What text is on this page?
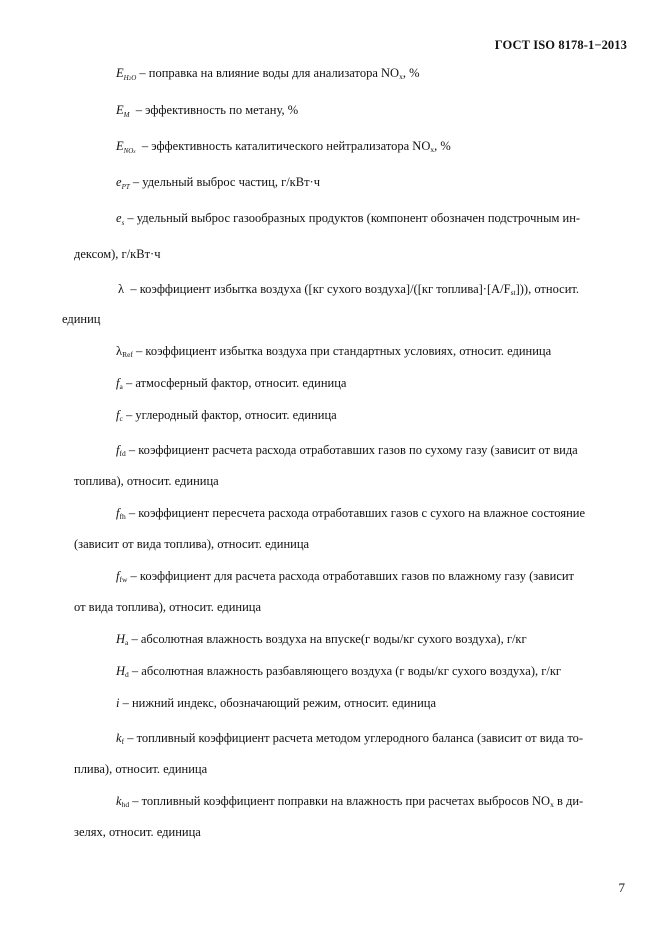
ГОСТ ISO 8178-1−2013
$E_{H2O}$ – поправка на влияние воды для анализатора $NO_x$, %
$E_M$ – эффективность по метану, %
$E_{NOx}$ – эффективность каталитического нейтрализатора $NO_x$, %
$e_{PT}$ – удельный выброс частиц, г/кВт·ч
$e_s$ – удельный выброс газообразных продуктов (компонент обозначен подстрочным ин-
дексом), г/кВт·ч
λ – коэффициент избытка воздуха ([кг сухого воздуха]/([кг $топлива]\cdot[A/F_{st}]$)), относит.
единиц
$\lambda_{Ref}$ – коэффициент избытка воздуха при стандартных условиях, относит. единица
$f_a$ – атмосферный фактор, относит. единица
$f_c$ – углеродный фактор, относит. единица
$f_{fd}$ – коэффициент расчета расхода отработавших газов по сухому газу (зависит от вида
топлива), относит. единица
$f_{fh}$ – коэффициент пересчета расхода отработавших газов с сухого на влажное состояние
(зависит от вида топлива), относит. единица
$f_{fw}$ – коэффициент для расчета расхода отработавших газов по влажному газу (зависит
от вида топлива), относит. единица
$H_a$ – абсолютная влажность воздуха на впуске(г воды/кг сухого воздуха), г/кг
$H_d$ – абсолютная влажность разбавляющего воздуха (г воды/кг сухого воздуха), г/кг
i – нижний индекс, обозначающий режим, относит. единица
$k_f$ – топливный коэффициент расчета методом углеродного баланса (зависит от вида то-
плива), относит. единица
$k_{hd}$ – топливный коэффициент поправки на влажность при расчетах выбросов $NO_x$ в ди-
зелях, относит. единица
7
